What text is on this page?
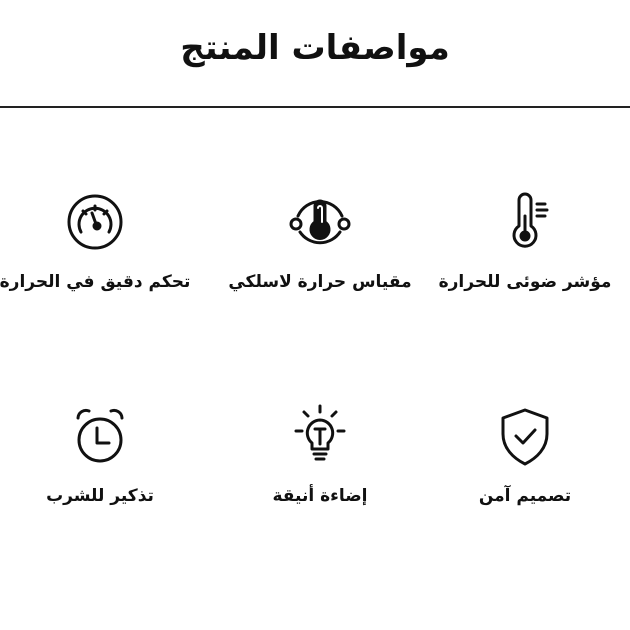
مواصفات المنتج
مؤشر ضوئى للحرارة
مقياس حرارة لاسلكي
تحكم دقيق في الحرارة
تصميم آمن
إضاءة أنيقة
تذكير للشرب
